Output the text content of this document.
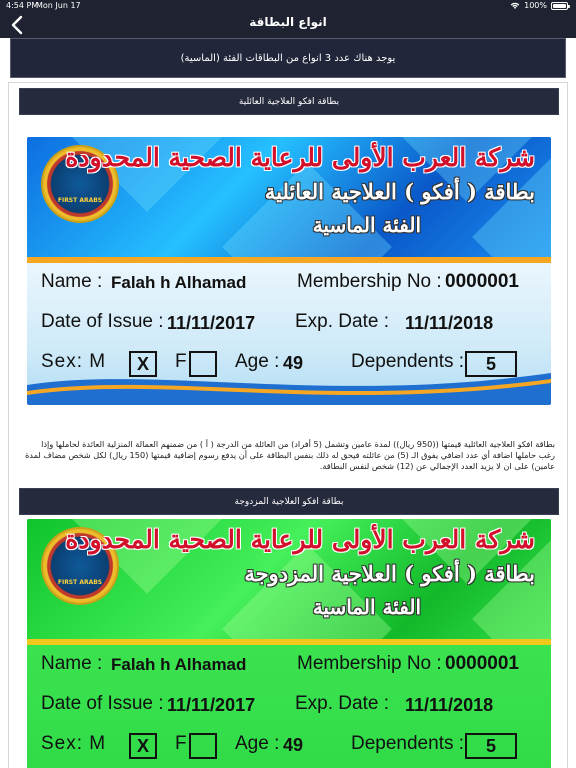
4:54 PM
Mon Jun 17	100%
انواع البطاقة
يوجد هناك عدد 3 انواع من البطاقات الفئة (الماسية)
بطاقة افكو العلاجية العائلية
FIRST ARABS
شركة العرب الأولى للرعاية الصحية المحدودة
بطاقة ( أفكو ) العلاجية العائلية
الفئة الماسية
Name : Falah h Alhamad	Membership No : 0000001
Date of Issue : 11/11/2017 Exp. Date : 11/11/2018
Sex: M	X	F	Age : 49	Dependents :	5
بطاقة افكو العلاجية العائلية قيمتها ((950 ريال)) لمدة عامين وتشمل (5 أفراد) من العائلة من الدرجة ( أ ) من ضمنهم العمالة المنزلية العائدة لحاملها وإذا رغب حاملها اضافة أي عدد اضافي يفوق الـ (5) من عائلته فيحق له ذلك بنفس البطاقة على أن يدفع رسوم إضافية قيمتها (150 ريال) لكل شخص مضاف لمدة عامين) على ان لا يزيد العدد الإجمالي عن (12) شخص لنفس البطاقة.
بطاقة افكو العلاجية المزدوجة
FIRST ARABS
شركة العرب الأولى للرعاية الصحية المحدودة
بطاقة ( أفكو ) العلاجية المزدوجة
الفئة الماسية
Name : Falah h Alhamad	Membership No : 0000001
Date of Issue : 11/11/2017 Exp. Date : 11/11/2018
Sex: M	X	F	Age : 49	Dependents :	5
